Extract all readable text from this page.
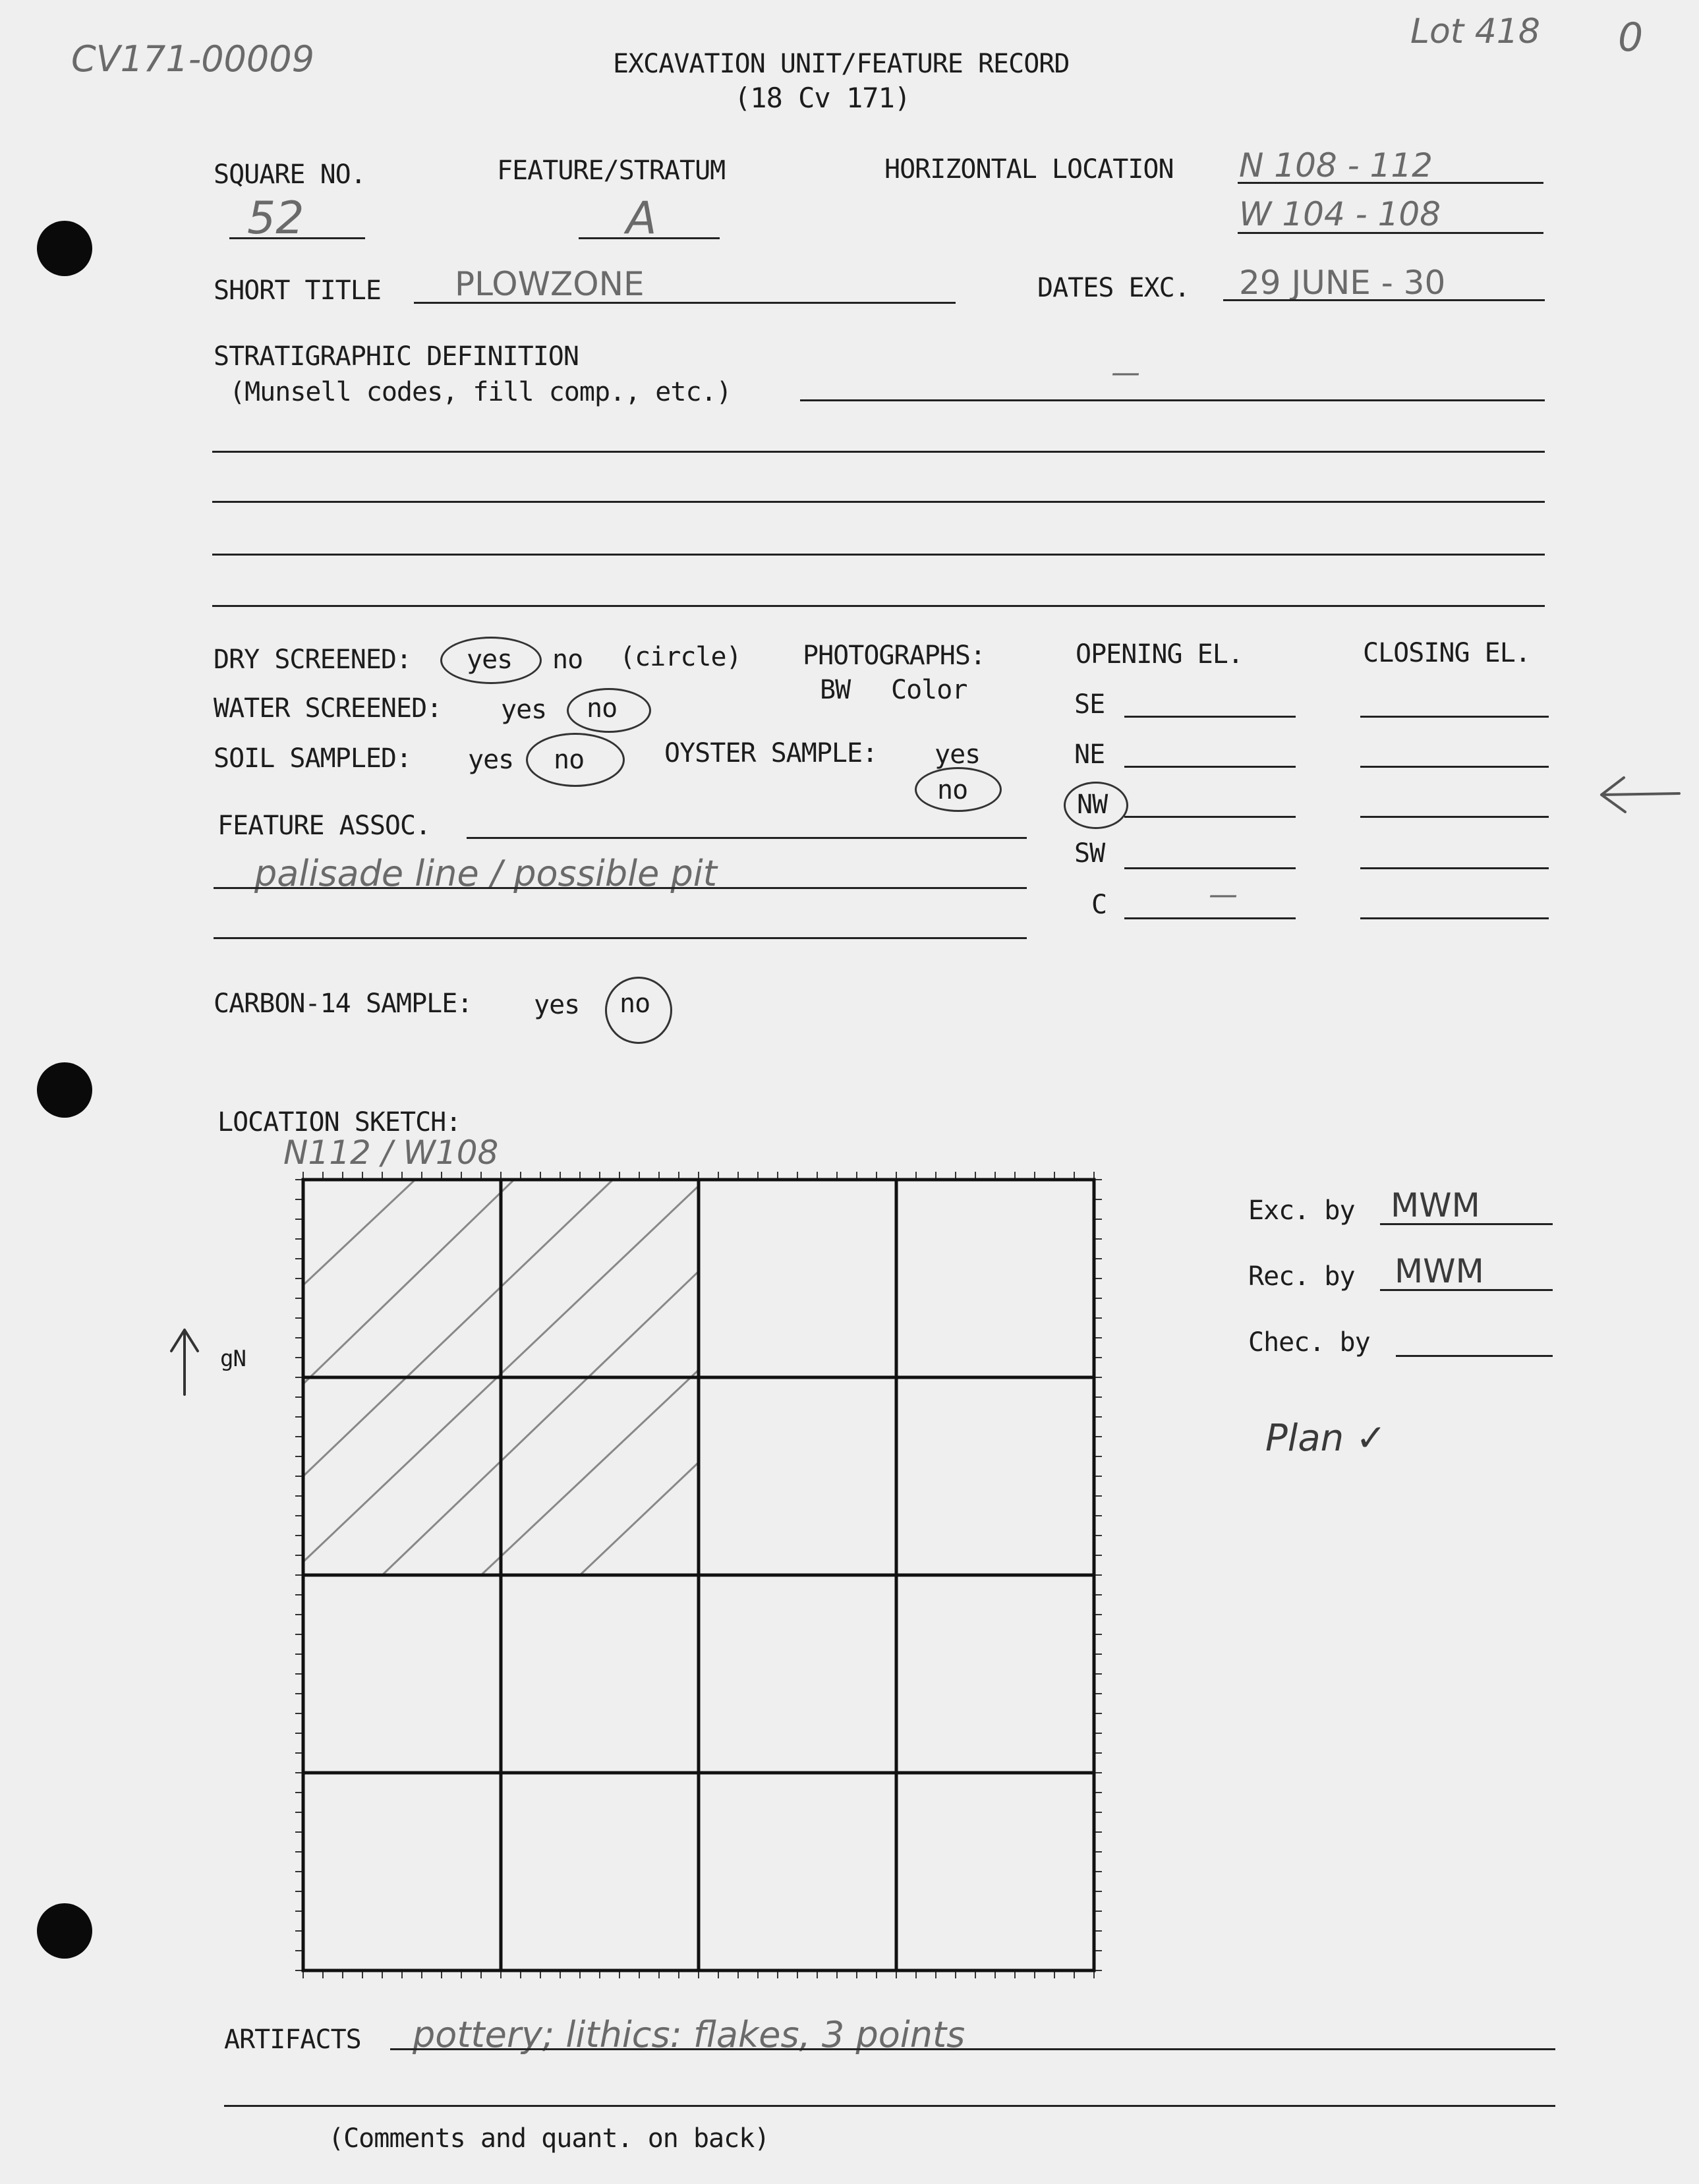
CV171-00009
Lot 418 0
EXCAVATION UNIT/FEATURE RECORD
(18 Cv 171)
SQUARE NO.
52
FEATURE/STRATUM
A
HORIZONTAL LOCATION N 108 - 112
W 104 - 108
SHORT TITLE PLOWZONE	DATES EXC. 29 JUNE - 30
STRATIGRAPHIC DEFINITION
(Munsell codes, fill comp., etc.)
—
DRY SCREENED: yes no (circle) PHOTOGRAPHS:
BW Color
OPENING EL.	CLOSING EL.
WATER SCREENED: yes no
SOIL SAMPLED: yes no	OYSTER SAMPLE: yes
no
SE
NE
NW
SW
C	—
FEATURE ASSOC.
palisade line / possible pit
CARBON-14 SAMPLE: yes no
LOCATION SKETCH:
N112 / W108
gN
Exc. by MWM
Rec. by MWM
Chec. by
Plan ✓
ARTIFACTS pottery; lithics: flakes, 3 points
(Comments and quant. on back)
